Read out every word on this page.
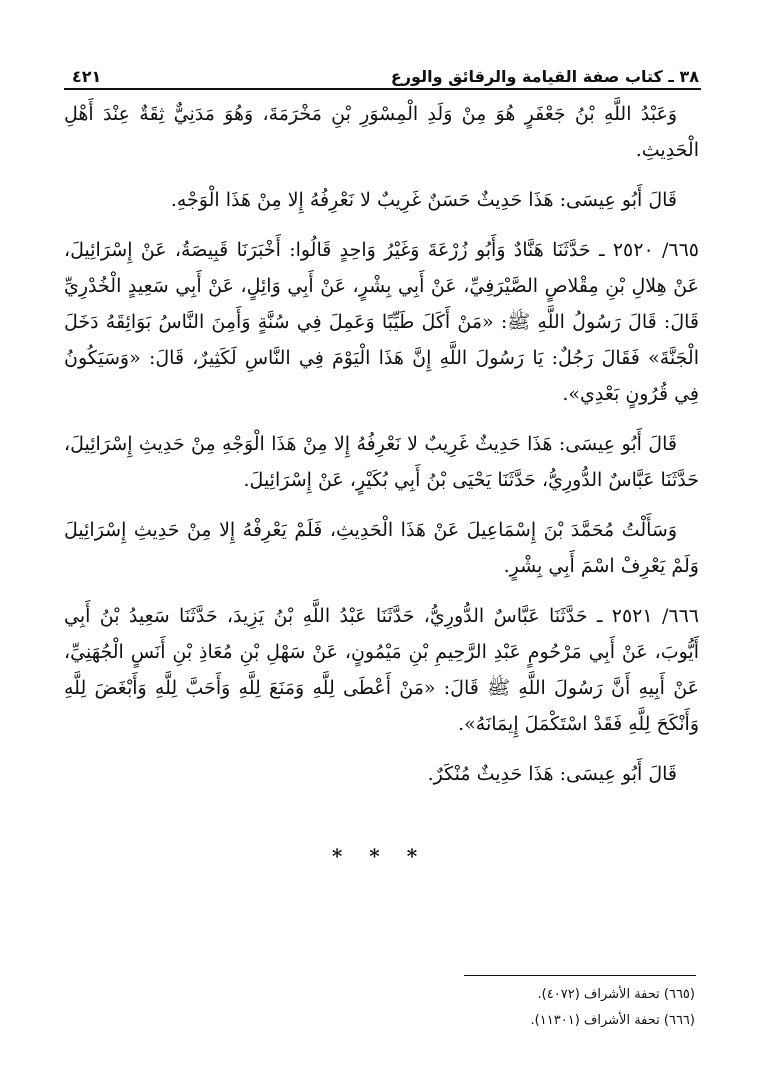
٣٨ ـ كتاب صفة القيامة والرقائق والورع
٤٢١

وَعَبْدُ اللَّهِ بْنُ جَعْفَرٍ هُوَ مِنْ وَلَدِ الْمِسْوَرِ بْنِ مَخْرَمَةَ، وَهُوَ مَدَنِيٌّ ثِقَةٌ عِنْدَ أَهْلِ الْحَدِيثِ.

قَالَ أَبُو عِيسَى: هَذَا حَدِيثٌ حَسَنٌ غَرِيبٌ لا نَعْرِفُهُ إِلا مِنْ هَذَا الْوَجْهِ.

٦٦٥/ ٢٥٢٠ ـ حَدَّثَنَا هَنَّادٌ وَأَبُو زُرْعَةَ وَغَيْرُ وَاحِدٍ قَالُوا: أَخْبَرَنَا قَبِيصَةُ، عَنْ إِسْرَائِيلَ، عَنْ هِلالِ بْنِ مِقْلاصٍ الصَّيْرَفِيِّ، عَنْ أَبِي بِشْرٍ، عَنْ أَبِي وَائِلٍ، عَنْ أَبِي سَعِيدٍ الْخُدْرِيِّ قَالَ: قَالَ رَسُولُ اللَّهِ ﷺ: «مَنْ أَكَلَ طَيِّبًا وَعَمِلَ فِي سُنَّةٍ وَأَمِنَ النَّاسُ بَوَائِقَهُ دَخَلَ الْجَنَّةَ» فَقَالَ رَجُلٌ: يَا رَسُولَ اللَّهِ إِنَّ هَذَا الْيَوْمَ فِي النَّاسِ لَكَثِيرٌ، قَالَ: «وَسَيَكُونُ فِي قُرُونٍ بَعْدِي».

قَالَ أَبُو عِيسَى: هَذَا حَدِيثٌ غَرِيبٌ لا نَعْرِفُهُ إِلا مِنْ هَذَا الْوَجْهِ مِنْ حَدِيثِ إِسْرَائِيلَ، حَدَّثَنَا عَبَّاسٌ الدُّورِيُّ، حَدَّثَنَا يَحْيَى بْنُ أَبِي بُكَيْرٍ، عَنْ إِسْرَائِيلَ.

وَسَأَلْتُ مُحَمَّدَ بْنَ إِسْمَاعِيلَ عَنْ هَذَا الْحَدِيثِ، فَلَمْ يَعْرِفْهُ إِلا مِنْ حَدِيثِ إِسْرَائِيلَ وَلَمْ يَعْرِفْ اسْمَ أَبِي بِشْرٍ.

٦٦٦/ ٢٥٢١ ـ حَدَّثَنَا عَبَّاسٌ الدُّورِيُّ، حَدَّثَنَا عَبْدُ اللَّهِ بْنُ يَزِيدَ، حَدَّثَنَا سَعِيدُ بْنُ أَبِي أَيُّوبَ، عَنْ أَبِي مَرْحُومٍ عَبْدِ الرَّحِيمِ بْنِ مَيْمُونٍ، عَنْ سَهْلِ بْنِ مُعَاذِ بْنِ أَنَسٍ الْجُهَنِيِّ، عَنْ أَبِيهِ أَنَّ رَسُولَ اللَّهِ ﷺ قَالَ: «مَنْ أَعْطَى لِلَّهِ وَمَنَعَ لِلَّهِ وَأَحَبَّ لِلَّهِ وَأَبْغَضَ لِلَّهِ وَأَنْكَحَ لِلَّهِ فَقَدْ اسْتَكْمَلَ إِيمَانَهُ».

قَالَ أَبُو عِيسَى: هَذَا حَدِيثٌ مُنْكَرٌ.

* * *

(٦٦٥) تحفة الأشراف (٤٠٧٢).

(٦٦٦) تحفة الأشراف (١١٣٠١).
